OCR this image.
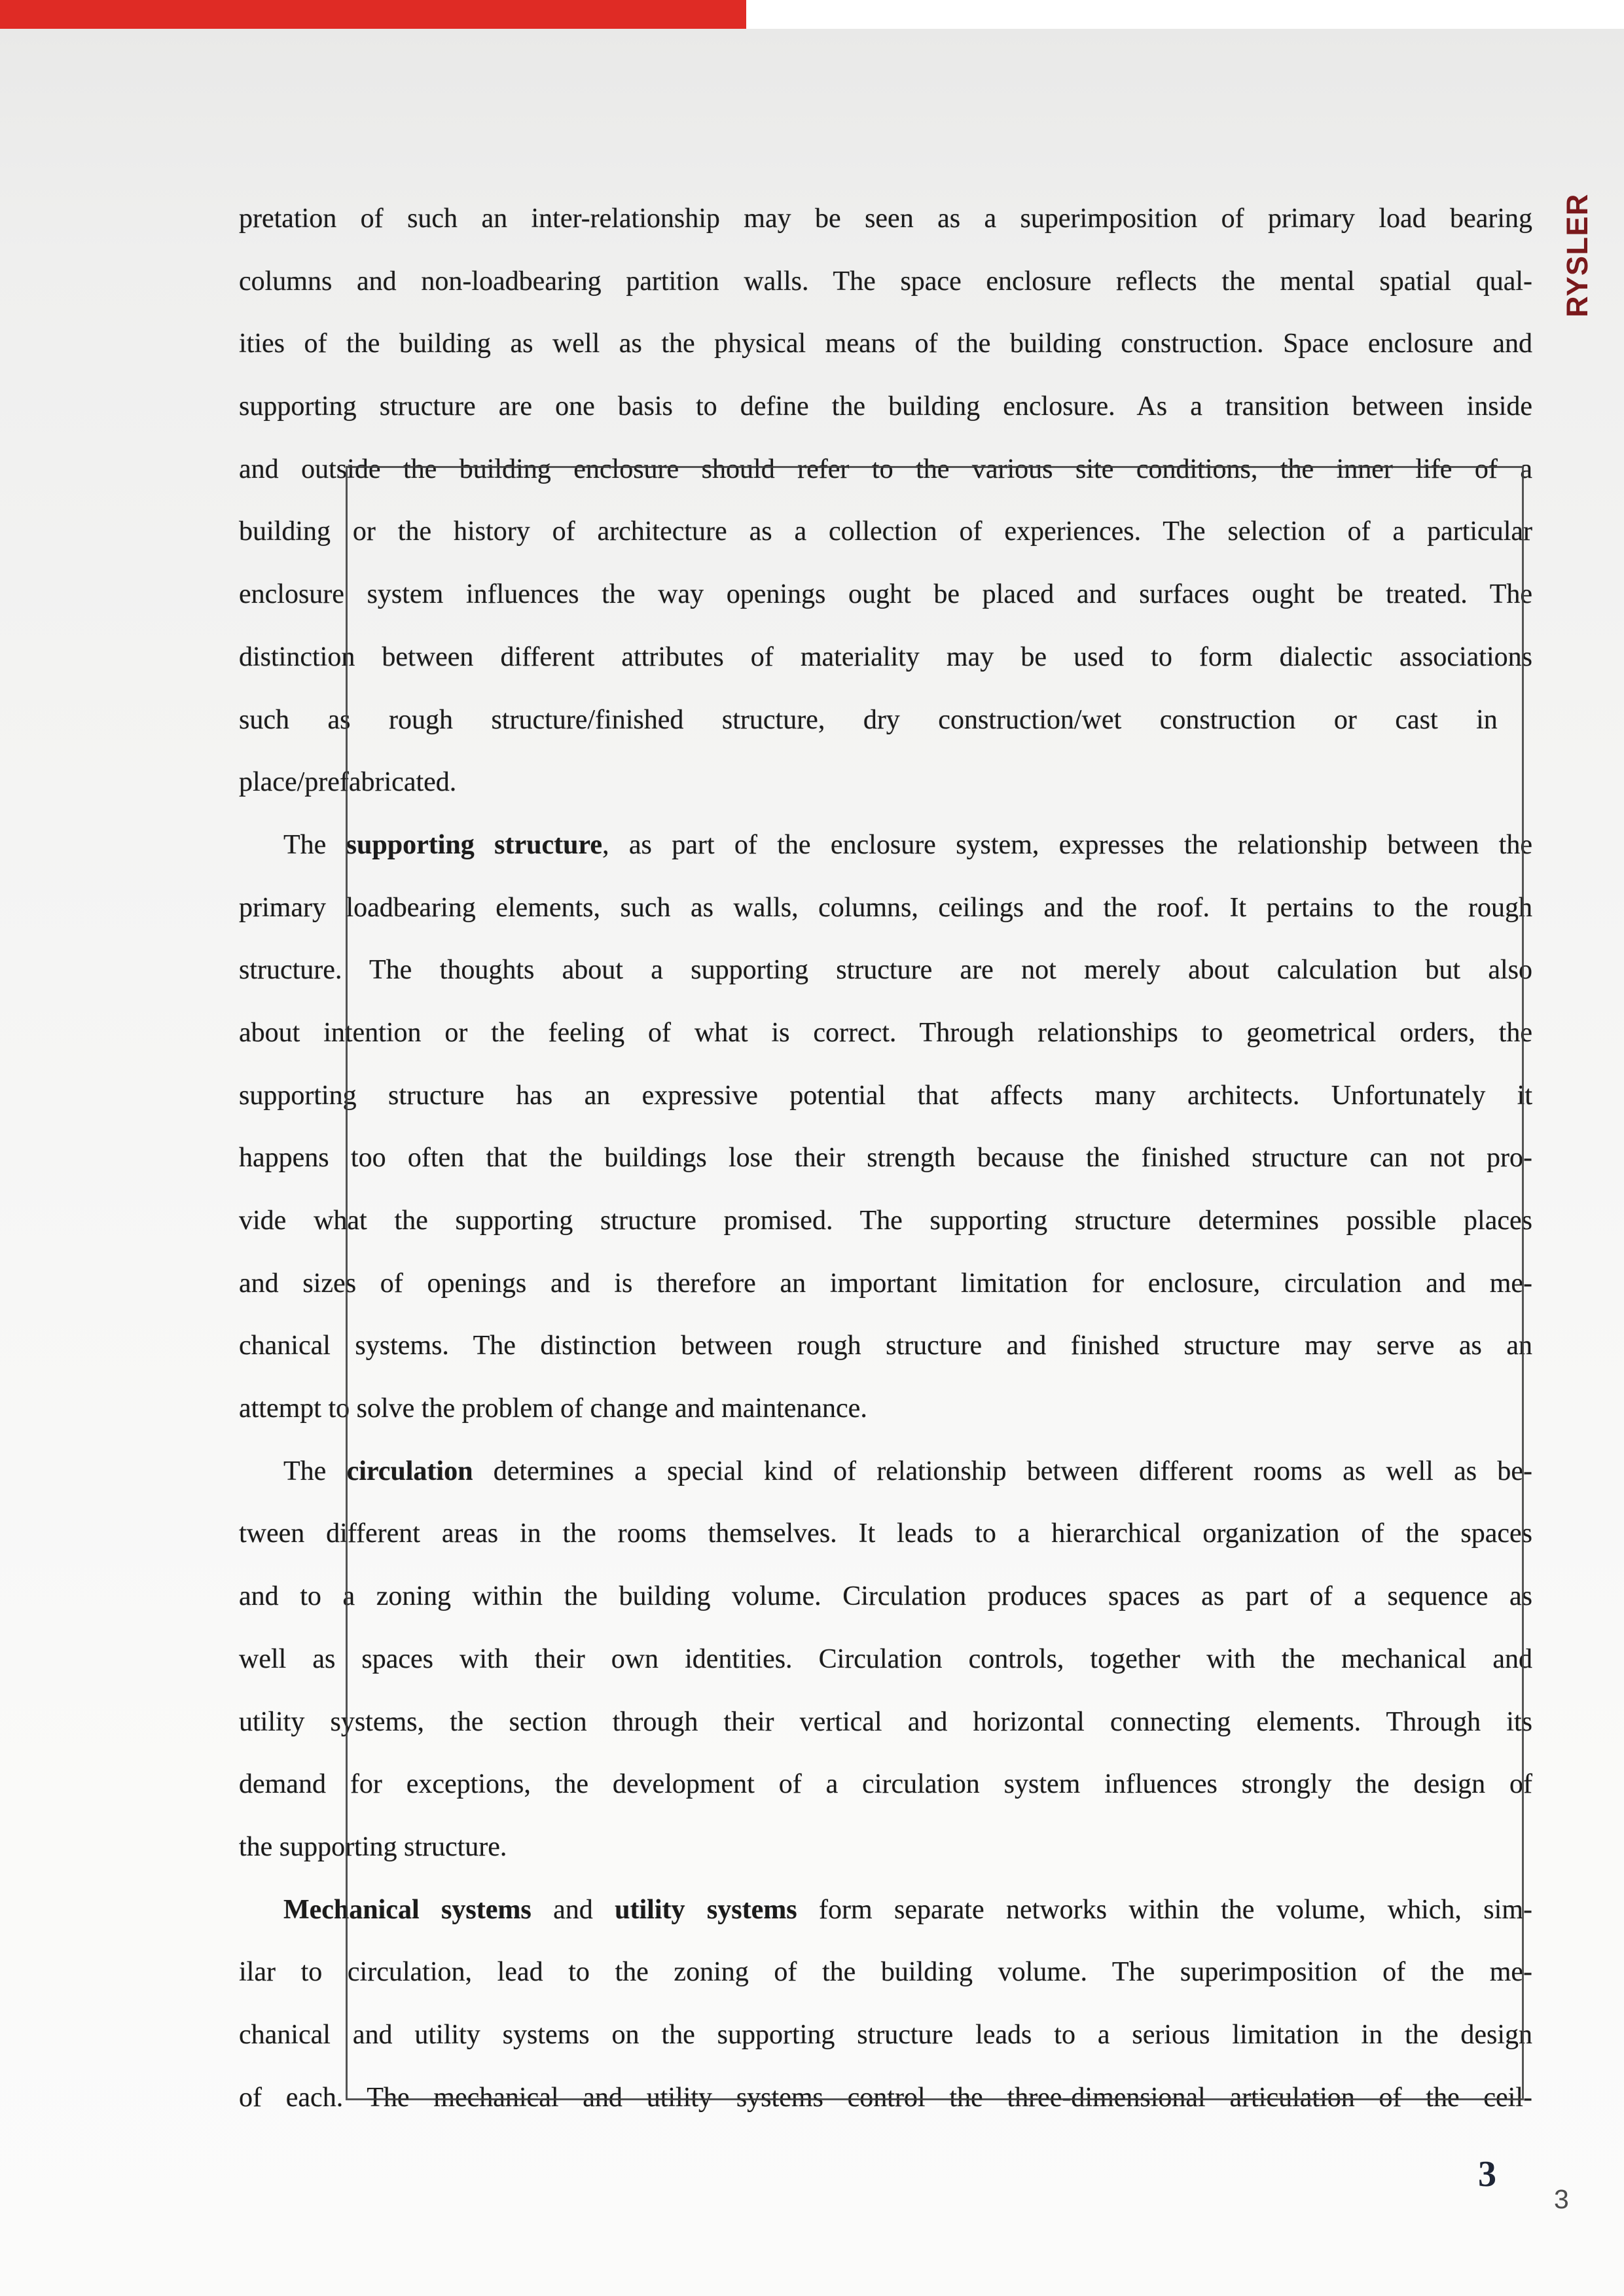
RYSLER
pretation of such an inter-relationship may be seen as a superimposition of primary load bearing
columns and non-loadbearing partition walls. The space enclosure reflects the mental spatial qual-
ities of the building as well as the physical means of the building construction. Space enclosure and
supporting structure are one basis to define the building enclosure. As a transition between inside
and outside the building enclosure should refer to the various site conditions, the inner life of a
building or the history of architecture as a collection of experiences. The selection of a particular
enclosure system influences the way openings ought be placed and surfaces ought be treated. The
distinction between different attributes of materiality may be used to form dialectic associations
such as rough structure/finished structure, dry construction/wet construction or cast in
place/prefabricated.
The supporting structure, as part of the enclosure system, expresses the relationship between the
primary loadbearing elements, such as walls, columns, ceilings and the roof. It pertains to the rough
structure. The thoughts about a supporting structure are not merely about calculation but also
about intention or the feeling of what is correct. Through relationships to geometrical orders, the
supporting structure has an expressive potential that affects many architects. Unfortunately it
happens too often that the buildings lose their strength because the finished structure can not pro-
vide what the supporting structure promised. The supporting structure determines possible places
and sizes of openings and is therefore an important limitation for enclosure, circulation and me-
chanical systems. The distinction between rough structure and finished structure may serve as an
attempt to solve the problem of change and maintenance.
The circulation determines a special kind of relationship between different rooms as well as be-
tween different areas in the rooms themselves. It leads to a hierarchical organization of the spaces
and to a zoning within the building volume. Circulation produces spaces as part of a sequence as
well as spaces with their own identities. Circulation controls, together with the mechanical and
utility systems, the section through their vertical and horizontal connecting elements. Through its
demand for exceptions, the development of a circulation system influences strongly the design of
the supporting structure.
Mechanical systems and utility systems form separate networks within the volume, which, sim-
ilar to circulation, lead to the zoning of the building volume. The superimposition of the me-
chanical and utility systems on the supporting structure leads to a serious limitation in the design
of each. The mechanical and utility systems control the three-dimensional articulation of the ceil-
3
3
